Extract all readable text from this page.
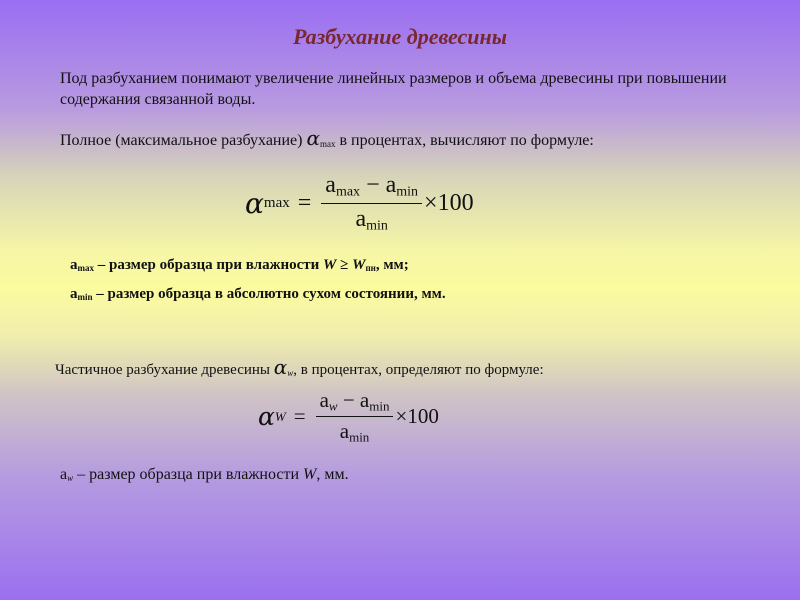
Разбухание древесины
Под разбуханием понимают увеличение линейных размеров и объема древесины при повышении содержания связанной воды.
Полное (максимальное разбухание) αmax в процентах, вычисляют по формуле:
α $\max = \frac{a_{max} - a_{min}}{a_{min}} \times 100$
amax – размер образца при влажности W ≥ Wпн, мм;
amin – размер образца в абсолютно сухом состоянии, мм.
Частичное разбухание древесины αw, в процентах, определяют по формуле:
α $W = \frac{a_w - a_{min}}{a_{min}} \times 100$
aw – размер образца при влажности W, мм.
